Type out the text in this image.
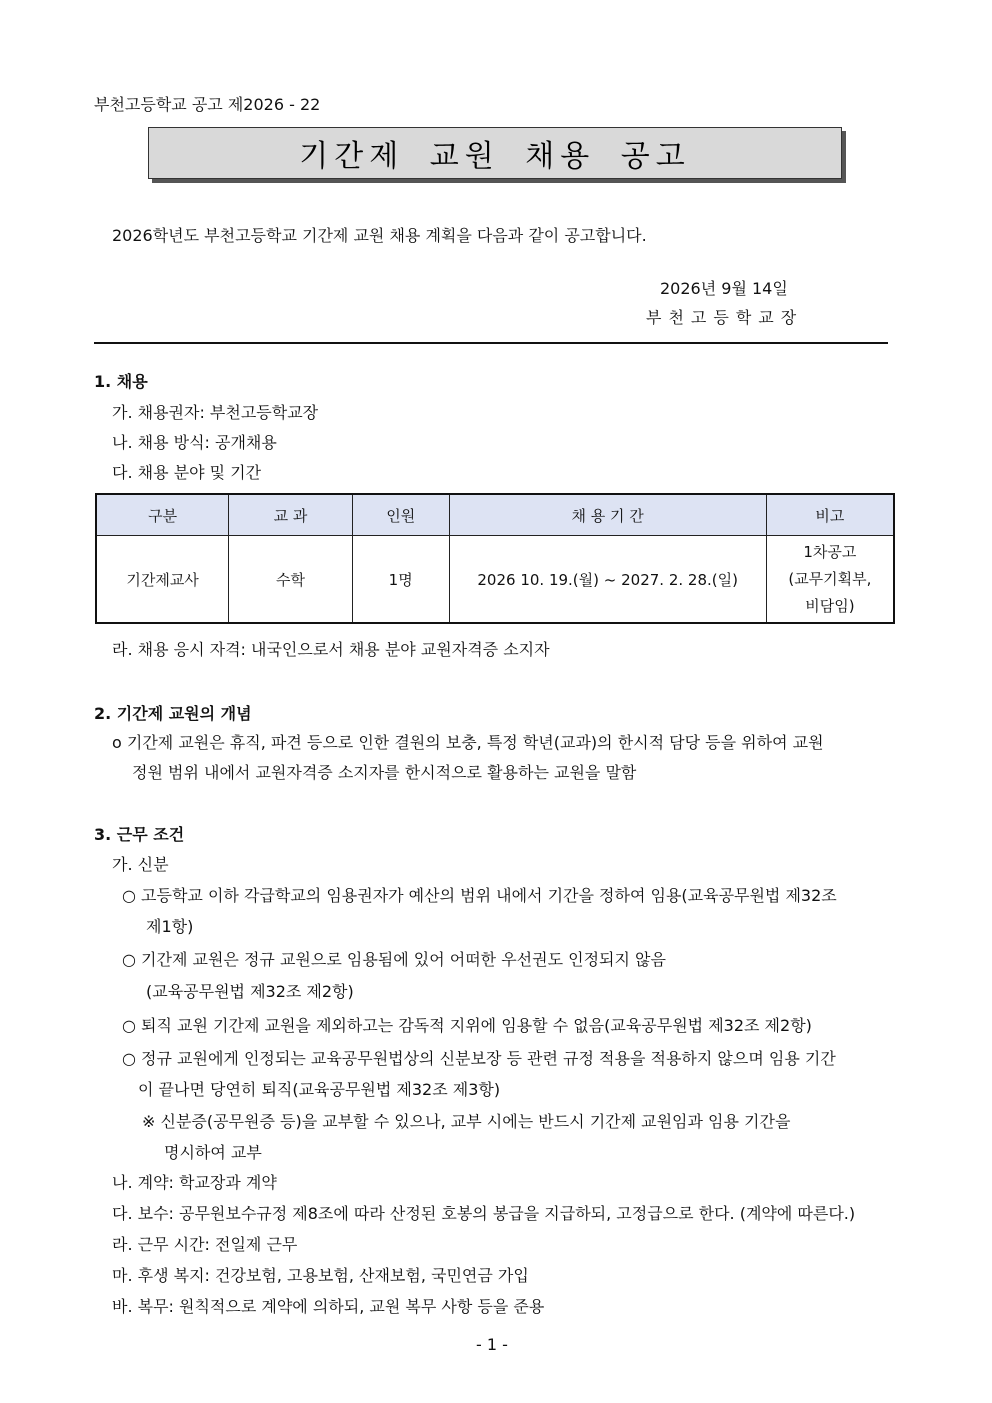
부천고등학교 공고 제2026 - 22
기간제 교원 채용 공고
2026학년도 부천고등학교 기간제 교원 채용 계획을 다음과 같이 공고합니다.
2026년 9월 14일
부천고등학교장
1. 채용
가. 채용권자: 부천고등학교장
나. 채용 방식: 공개채용
다. 채용 분야 및 기간
구분	교 과	인원	채 용 기 간	비고
기간제교사	수학	1명	2026 10. 19.(월) ~ 2027. 2. 28.(일)	1차공고
(교무기획부,
비담임)
라. 채용 응시 자격: 내국인으로서 채용 분야 교원자격증 소지자
2. 기간제 교원의 개념
o 기간제 교원은 휴직, 파견 등으로 인한 결원의 보충, 특정 학년(교과)의 한시적 담당 등을 위하여 교원
정원 범위 내에서 교원자격증 소지자를 한시적으로 활용하는 교원을 말함
3. 근무 조건
가. 신분
○ 고등학교 이하 각급학교의 임용권자가 예산의 범위 내에서 기간을 정하여 임용(교육공무원법 제32조
제1항)
○ 기간제 교원은 정규 교원으로 임용됨에 있어 어떠한 우선권도 인정되지 않음
(교육공무원법 제32조 제2항)
○ 퇴직 교원 기간제 교원을 제외하고는 감독적 지위에 임용할 수 없음(교육공무원법 제32조 제2항)
○ 정규 교원에게 인정되는 교육공무원법상의 신분보장 등 관련 규정 적용을 적용하지 않으며 임용 기간
이 끝나면 당연히 퇴직(교육공무원법 제32조 제3항)
※ 신분증(공무원증 등)을 교부할 수 있으나, 교부 시에는 반드시 기간제 교원임과 임용 기간을
명시하여 교부
나. 계약: 학교장과 계약
다. 보수: 공무원보수규정 제8조에 따라 산정된 호봉의 봉급을 지급하되, 고정급으로 한다. (계약에 따른다.)
라. 근무 시간: 전일제 근무
마. 후생 복지: 건강보험, 고용보험, 산재보험, 국민연금 가입
바. 복무: 원칙적으로 계약에 의하되, 교원 복무 사항 등을 준용
- 1 -
